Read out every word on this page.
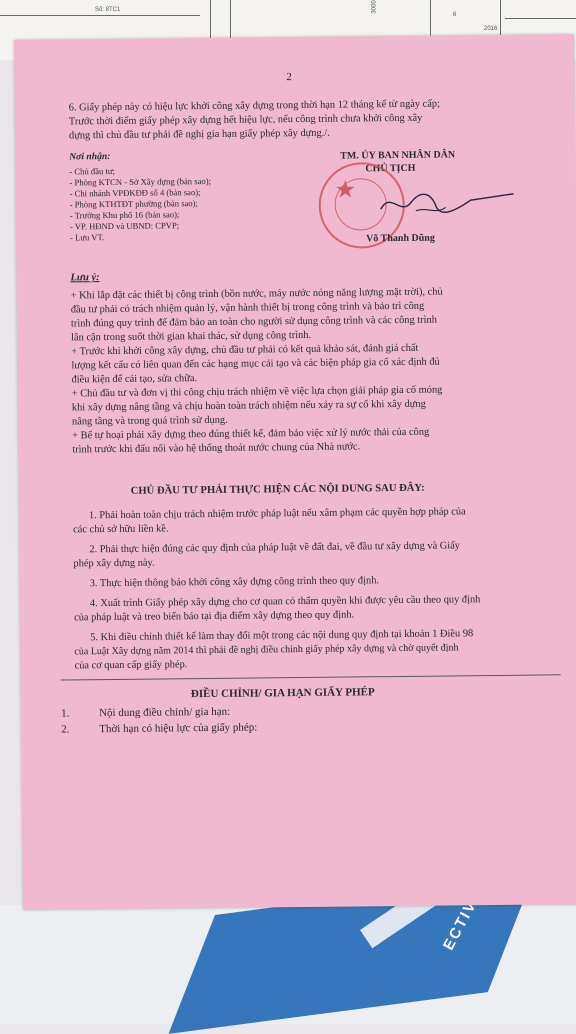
Số: 8TC1	3000
6
2016
2
6. Giấy phép này có hiệu lực khởi công xây dựng trong thời hạn 12 tháng kể từ ngày cấp;
Trước thời điểm giấy phép xây dựng hết hiệu lực, nếu công trình chưa khởi công xây
dựng thì chủ đầu tư phải đề nghị gia hạn giấy phép xây dựng./.
Nơi nhận:
- Chủ đầu tư;
- Phòng KTCN - Sở Xây dựng (bản sao);
- Chi nhánh VPĐKĐĐ số 4 (bản sao);
- Phòng KTHTĐT phường (bản sao);
- Trưởng Khu phố 16 (bản sao);
- VP. HĐND và UBND: CPVP;
- Lưu VT.
TM. ỦY BAN NHÂN DÂN
CHỦ TỊCH
★
Võ Thanh Dũng
Lưu ý:
+ Khi lắp đặt các thiết bị công trình (bồn nước, máy nước nóng năng lượng mặt trời), chủ
đầu tư phải có trách nhiệm quản lý, vận hành thiết bị trong công trình và bảo trì công
trình đúng quy trình để đảm bảo an toàn cho người sử dụng công trình và các công trình
lân cận trong suốt thời gian khai thác, sử dụng công trình.
+ Trước khi khởi công xây dựng, chủ đầu tư phải có kết quả khảo sát, đánh giá chất
lượng kết cấu có liên quan đến các hạng mục cải tạo và các biện pháp gia cố xác định đủ
điều kiện để cải tạo, sửa chữa.
+ Chủ đầu tư và đơn vị thi công chịu trách nhiệm về việc lựa chọn giải pháp gia cố móng
khi xây dựng nâng tầng và chịu hoàn toàn trách nhiệm nếu xảy ra sự cố khi xây dựng
nâng tầng và trong quá trình sử dụng.
+ Bể tự hoại phải xây dựng theo đúng thiết kế, đảm bảo việc xử lý nước thải của công
trình trước khi đấu nối vào hệ thống thoát nước chung của Nhà nước.
CHỦ ĐẦU TƯ PHẢI THỰC HIỆN CÁC NỘI DUNG SAU ĐÂY:
1. Phải hoàn toàn chịu trách nhiệm trước pháp luật nếu xâm phạm các quyền hợp pháp của
các chủ sở hữu liền kề.
2. Phải thực hiện đúng các quy định của pháp luật về đất đai, về đầu tư xây dựng và Giấy
phép xây dựng này.
3. Thực hiện thông báo khởi công xây dựng công trình theo quy định.
4. Xuất trình Giấy phép xây dựng cho cơ quan có thẩm quyền khi được yêu cầu theo quy định
của pháp luật và treo biển báo tại địa điểm xây dựng theo quy định.
5. Khi điều chỉnh thiết kế làm thay đổi một trong các nội dung quy định tại khoản 1 Điều 98
của Luật Xây dựng năm 2014 thì phải đề nghị điều chỉnh giấy phép xây dựng và chờ quyết định
của cơ quan cấp giấy phép.
ĐIỀU CHỈNH/ GIA HẠN GIẤY PHÉP
1.	Nội dung điều chỉnh/ gia hạn:
2.	Thời hạn có hiệu lực của giấy phép:
